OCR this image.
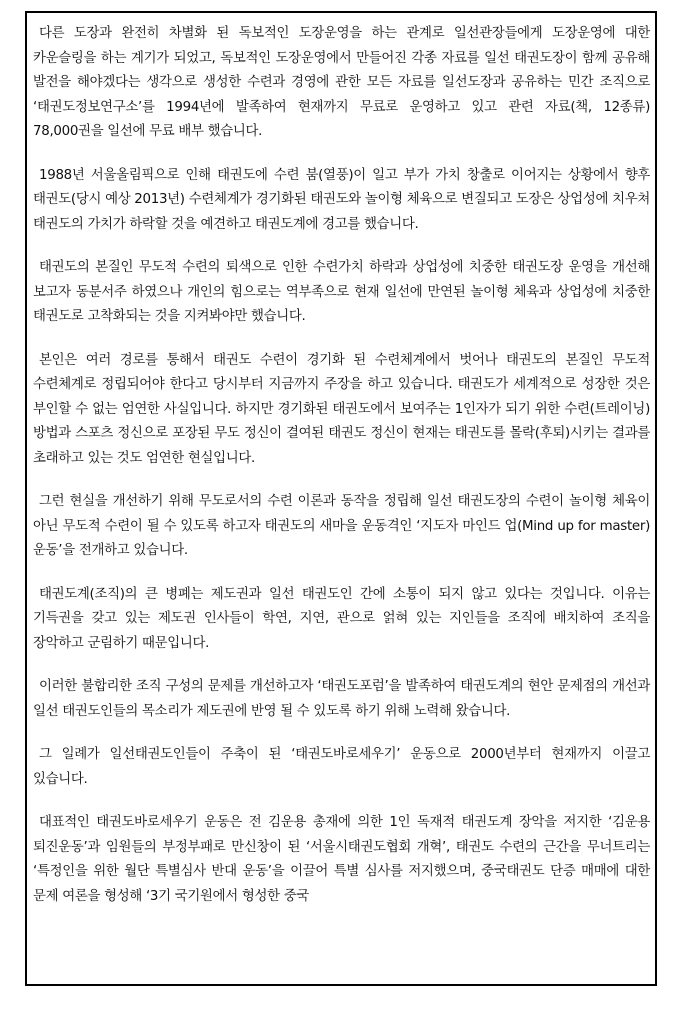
다른 도장과 완전히 차별화 된 독보적인 도장운영을 하는 관계로 일선관장들에게 도장운영에 대한 카운슬링을 하는 계기가 되었고, 독보적인 도장운영에서 만들어진 각종 자료를 일선 태권도장이 함께 공유해 발전을 해야겠다는 생각으로 생성한 수련과 경영에 관한 모든 자료를 일선도장과 공유하는 민간 조직으로 ‘태권도정보연구소’를 1994년에 발족하여 현재까지 무료로 운영하고 있고 관련 자료(책, 12종류) 78,000권을 일선에 무료 배부 했습니다.

1988년 서울올림픽으로 인해 태권도에 수련 붐(열풍)이 일고 부가 가치 창출로 이어지는 상황에서 향후 태권도(당시 예상 2013년) 수련체계가 경기화된 태권도와 놀이형 체육으로 변질되고 도장은 상업성에 치우쳐 태권도의 가치가 하락할 것을 예견하고 태권도계에 경고를 했습니다.

태권도의 본질인 무도적 수련의 퇴색으로 인한 수련가치 하락과 상업성에 치중한 태권도장 운영을 개선해 보고자 동분서주 하였으나 개인의 힘으로는 역부족으로 현재 일선에 만연된 놀이형 체육과 상업성에 치중한 태권도로 고착화되는 것을 지켜봐야만 했습니다.

본인은 여러 경로를 통해서 태권도 수련이 경기화 된 수련체계에서 벗어나 태권도의 본질인 무도적 수련체계로 정립되어야 한다고 당시부터 지금까지 주장을 하고 있습니다. 태권도가 세계적으로 성장한 것은 부인할 수 없는 엄연한 사실입니다. 하지만 경기화된 태권도에서 보여주는 1인자가 되기 위한 수련(트레이닝) 방법과 스포츠 정신으로 포장된 무도 정신이 결여된 태권도 정신이 현재는 태권도를 몰락(후퇴)시키는 결과를 초래하고 있는 것도 엄연한 현실입니다.

그런 현실을 개선하기 위해 무도로서의 수련 이론과 동작을 정립해 일선 태권도장의 수련이 놀이형 체육이 아닌 무도적 수련이 될 수 있도록 하고자 태권도의 새마을 운동격인 ‘지도자 마인드 업(Mind up for master) 운동’을 전개하고 있습니다.

태권도계(조직)의 큰 병폐는 제도권과 일선 태권도인 간에 소통이 되지 않고 있다는 것입니다. 이유는 기득권을 갖고 있는 제도권 인사들이 학연, 지연, 관으로 얽혀 있는 지인들을 조직에 배치하여 조직을 장악하고 군림하기 때문입니다.

이러한 불합리한 조직 구성의 문제를 개선하고자 ‘태권도포럼’을 발족하여 태권도계의 현안 문제점의 개선과 일선 태권도인들의 목소리가 제도권에 반영 될 수 있도록 하기 위해 노력해 왔습니다.

그 일례가 일선태권도인들이 주축이 된 ‘태권도바로세우기’ 운동으로 2000년부터 현재까지 이끌고 있습니다.

대표적인 태권도바로세우기 운동은 전 김운용 총재에 의한 1인 독재적 태권도계 장악을 저지한 ‘김운용 퇴진운동’과 임원들의 부정부패로 만신창이 된 ‘서울시태권도협회 개혁’, 태권도 수련의 근간을 무너트리는 ‘특정인을 위한 월단 특별심사 반대 운동’을 이끌어 특별 심사를 저지했으며, 중국태권도 단증 매매에 대한 문제 여론을 형성해 ‘3기 국기원에서 형성한 중국
